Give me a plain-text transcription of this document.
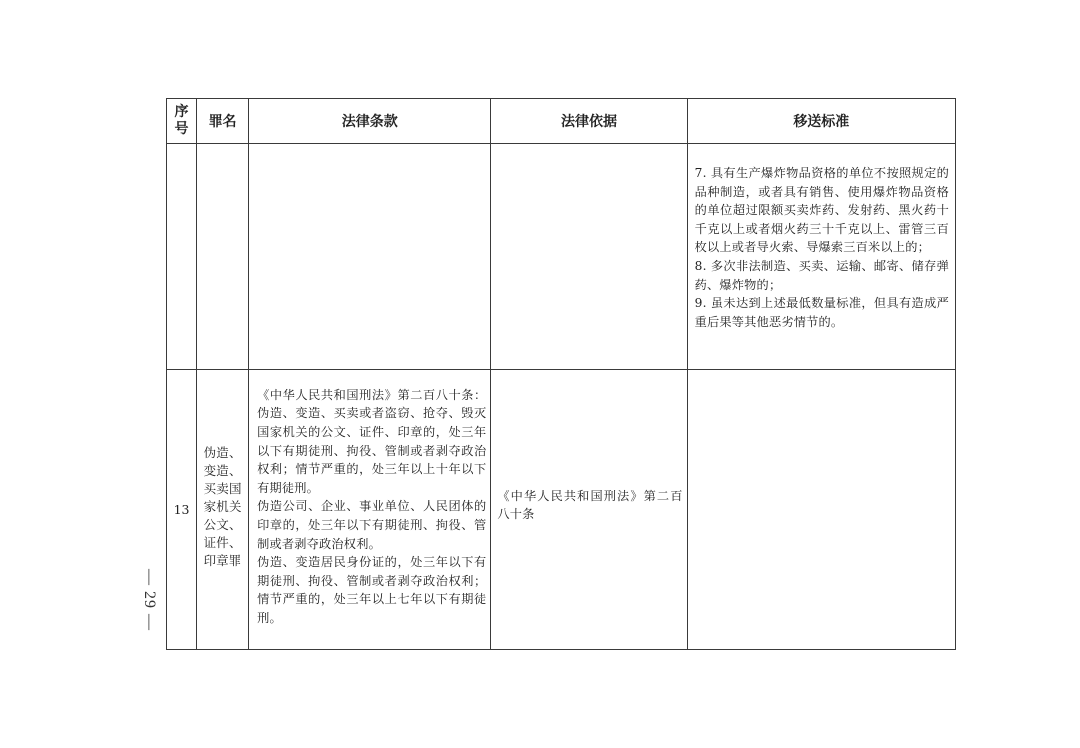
序
号	罪名	法律条款	法律依据	移送标准

				7. 具有生产爆炸物品资格的单位不按照规定的品种制造，或者具有销售、使用爆炸物品资格的单位超过限额买卖炸药、发射药、黑火药十千克以上或者烟火药三十千克以上、雷管三百枚以上或者导火索、导爆索三百米以上的；

8. 多次非法制造、买卖、运输、邮寄、储存弹药、爆炸物的；

9. 虽未达到上述最低数量标准，但具有造成严重后果等其他恶劣情节的。

13	伪造、变造、买卖国家机关公文、证件、印章罪	《中华人民共和国刑法》第二百八十条：伪造、变造、买卖或者盗窃、抢夺、毁灭国家机关的公文、证件、印章的，处三年以下有期徒刑、拘役、管制或者剥夺政治权利；情节严重的，处三年以上十年以下有期徒刑。

伪造公司、企业、事业单位、人民团体的印章的，处三年以下有期徒刑、拘役、管制或者剥夺政治权利。

伪造、变造居民身份证的，处三年以下有期徒刑、拘役、管制或者剥夺政治权利；情节严重的，处三年以上七年以下有期徒刑。	《中华人民共和国刑法》第二百八十条	

— 29 —
